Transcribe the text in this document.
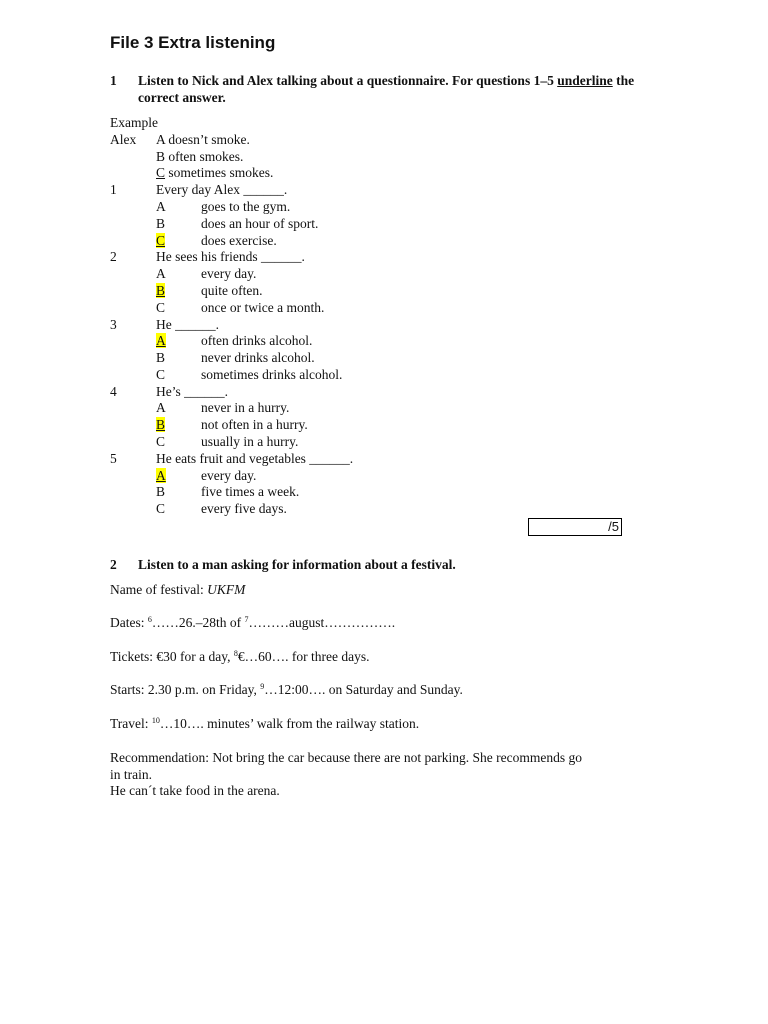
File 3 Extra listening
1 Listen to Nick and Alex talking about a questionnaire. For questions 1–5 underline the correct answer.
Example
Alex A doesn’t smoke.
B often smokes.
C sometimes smokes.
1	Every day Alex ______.
A	goes to the gym.
B	does an hour of sport.
C	does exercise.
2	He sees his friends ______.
A	every day.
B	quite often.
C	once or twice a month.
3	He ______.
A	often drinks alcohol.
B	never drinks alcohol.
C	sometimes drinks alcohol.
4	He’s ______.
A	never in a hurry.
B	not often in a hurry.
C	usually in a hurry.
5	He eats fruit and vegetables ______.
A	every day.
B	five times a week.
C	every five days.
/5
2 Listen to a man asking for information about a festival.
Name of festival: UKFM
Dates: $^6$……26.–28th of $^7$………august…………….
Tickets: €30 for a day, $^8$€…60…. for three days.
Starts: 2.30 p.m. on Friday, $^9$…12:00…. on Saturday and Sunday.
Travel: $^{10}$…10…. minutes’ walk from the railway station.
Recommendation: Not bring the car because there are not parking. She recommends go
in train.
He can´t take food in the arena.
